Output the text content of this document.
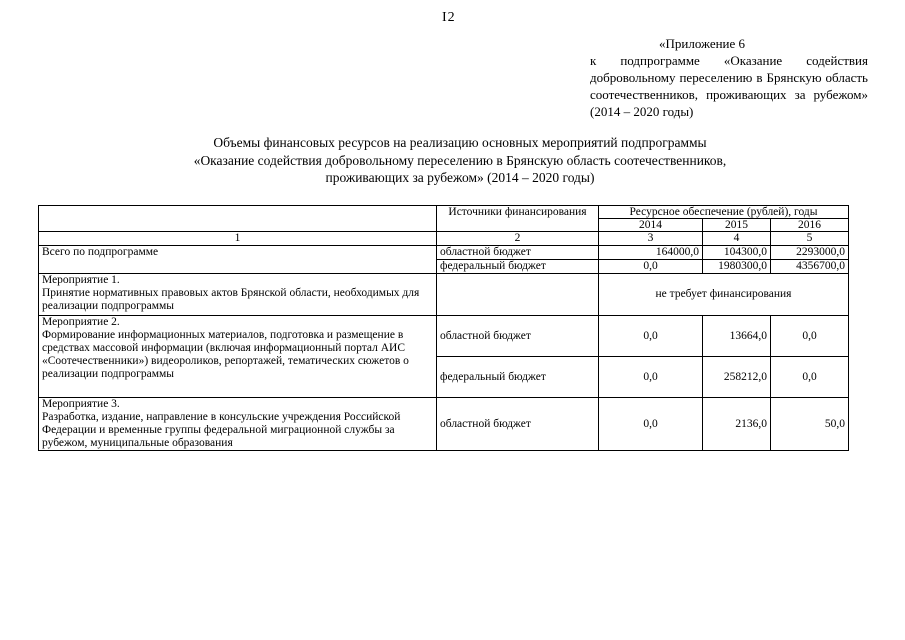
I2
«Приложение 6
к подпрограмме «Оказание содействия добровольному переселению в Брянскую область соотечественников, проживающих за рубежом» (2014 – 2020 годы)
Объемы финансовых ресурсов на реализацию основных мероприятий подпрограммы
«Оказание содействия добровольному переселению в Брянскую область соотечественников,
проживающих за рубежом» (2014 – 2020 годы)
	Источники финансирования	Ресурсное обеспечение (рублей), годы		
		2014	2015	2016
1	2	3	4	5
Всего по подпрограмме	областной бюджет	164000,0	104300,0	2293000,0
	федеральный бюджет	0,0	1980300,0	4356700,0

Мероприятие 1.
Принятие нормативных правовых актов Брянской области, необходимых для реализации подпрограммы		не требует финансирования		

Мероприятие 2.
Формирование информационных материалов, подготовка и размещение в средствах массовой информации (включая информационный портал АИС «Соотечественники») видеороликов, репортажей, тематических сюжетов о реализации подпрограммы	областной бюджет	0,0	13664,0	0,0
	федеральный бюджет	0,0	258212,0	0,0

Мероприятие 3.
Разработка, издание, направление в консульские учреждения Российской Федерации и временные группы федеральной миграционной службы за рубежом, муниципальные образования	областной бюджет	0,0	2136,0	50,0
